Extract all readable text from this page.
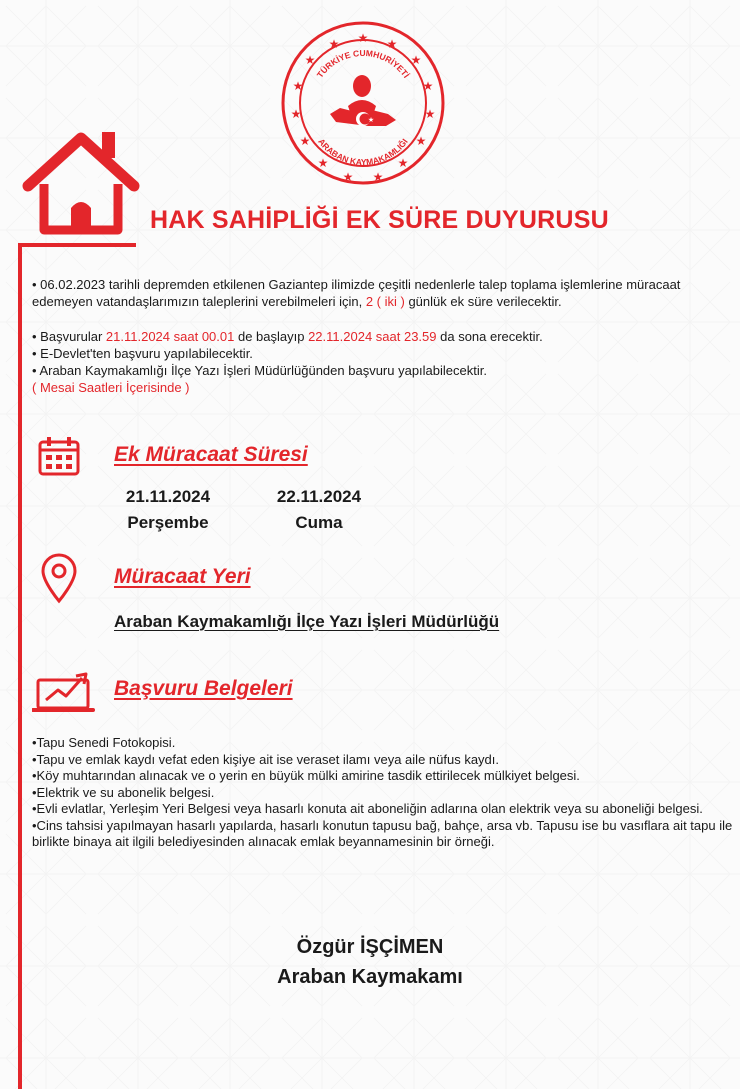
★ ★
★
★
★
★
★
★
★
★
★
★
★
★
★
TÜRKİYE CUMHURİYETİ
ARABAN KAYMAKAMLIĞI
★
HAK SAHİPLİĞİ EK SÜRE DUYURUSU

• 06.02.2023 tarihli depremden etkilenen Gaziantep ilimizde çeşitli nedenlerle talep toplama işlemlerine müracaat edemeyen vatandaşlarımızın taleplerini verebilmeleri için, 2 ( iki ) günlük ek süre verilecektir.

• Başvurular 21.11.2024 saat 00.01 de başlayıp 22.11.2024 saat 23.59 da sona erecektir.

• E-Devlet'ten başvuru yapılabilecektir.

• Araban Kaymakamlığı İlçe Yazı İşleri Müdürlüğünden başvuru yapılabilecektir.

( Mesai Saatleri İçerisinde )

Ek Müracaat Süresi
21.11.2024
Perşembe
22.11.2024
Cuma
Müracaat Yeri
Araban Kaymakamlığı İlçe Yazı İşleri Müdürlüğü
Başvuru Belgeleri

•Tapu Senedi Fotokopisi.

•Tapu ve emlak kaydı vefat eden kişiye ait ise veraset ilamı veya aile nüfus kaydı.

•Köy muhtarından alınacak ve o yerin en büyük mülki amirine tasdik ettirilecek mülkiyet belgesi.

•Elektrik ve su abonelik belgesi.

•Evli evlatlar, Yerleşim Yeri Belgesi veya hasarlı konuta ait aboneliğin adlarına olan elektrik veya su aboneliği belgesi.

•Cins tahsisi yapılmayan hasarlı yapılarda, hasarlı konutun tapusu bağ, bahçe, arsa vb. Tapusu ise bu vasıflara ait tapu ile birlikte binaya ait ilgili belediyesinden alınacak emlak beyannamesinin bir örneği.

Özgür İŞÇİMEN
Araban Kaymakamı
